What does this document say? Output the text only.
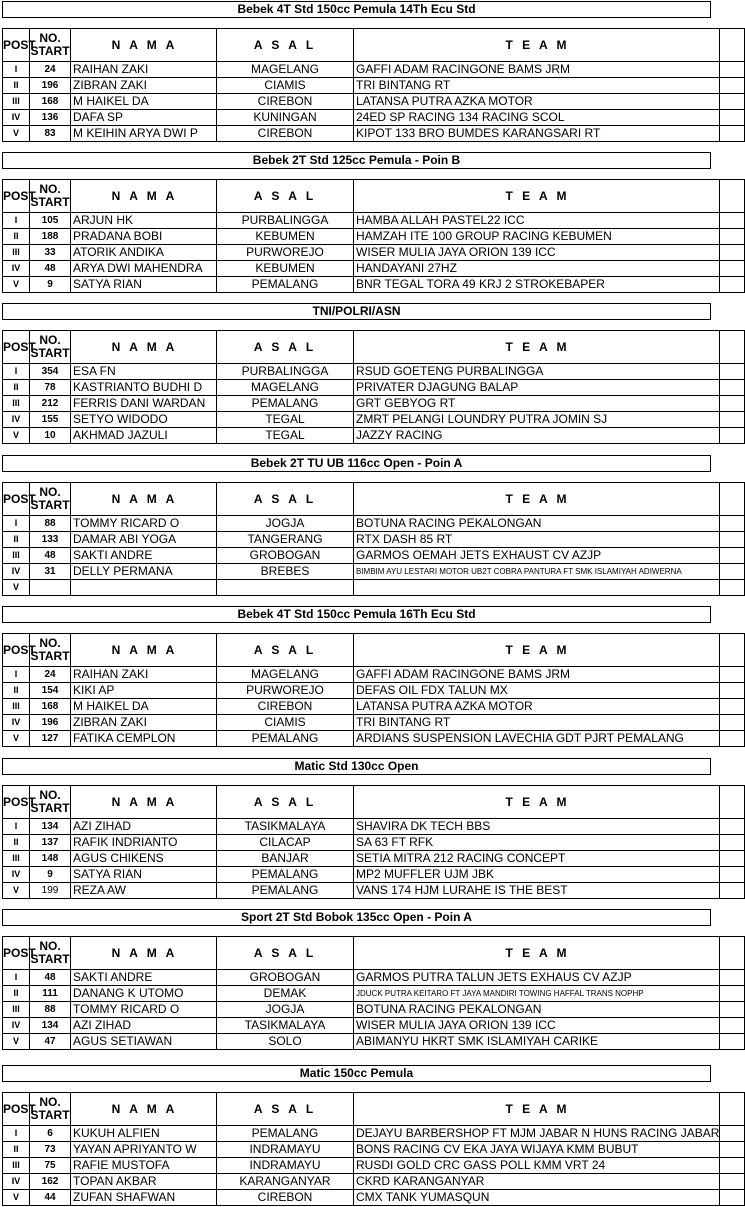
Bebek 4T Std 150cc Pemula 14Th Ecu Std
POST	NO.
START	N A M A	A S A L	T E A M	
I	24	RAIHAN ZAKI	MAGELANG	GAFFI ADAM RACINGONE BAMS JRM	
II	196	ZIBRAN ZAKI	CIAMIS	TRI BINTANG RT	
III	168	M HAIKEL DA	CIREBON	LATANSA PUTRA AZKA MOTOR	
IV	136	DAFA SP	KUNINGAN	24ED SP RACING 134 RACING SCOL	
V	83	M KEIHIN ARYA DWI P	CIREBON	KIPOT 133 BRO BUMDES KARANGSARI RT	
Bebek 2T Std 125cc Pemula - Poin B
POST	NO.
START	N A M A	A S A L	T E A M	
I	105	ARJUN HK	PURBALINGGA	HAMBA ALLAH PASTEL22 ICC	
II	188	PRADANA BOBI	KEBUMEN	HAMZAH ITE 100 GROUP RACING KEBUMEN	
III	33	ATORIK ANDIKA	PURWOREJO	WISER MULIA JAYA ORION 139 ICC	
IV	48	ARYA DWI MAHENDRA	KEBUMEN	HANDAYANI 27HZ	
V	9	SATYA RIAN	PEMALANG	BNR TEGAL TORA 49 KRJ 2 STROKEBAPER	
TNI/POLRI/ASN
POST	NO.
START	N A M A	A S A L	T E A M	
I	354	ESA FN	PURBALINGGA	RSUD GOETENG PURBALINGGA	
II	78	KASTRIANTO BUDHI D	MAGELANG	PRIVATER DJAGUNG BALAP	
III	212	FERRIS DANI WARDAN	PEMALANG	GRT GEBYOG RT	
IV	155	SETYO WIDODO	TEGAL	ZMRT PELANGI LOUNDRY PUTRA JOMIN SJ	
V	10	AKHMAD JAZULI	TEGAL	JAZZY RACING	
Bebek 2T TU UB 116cc Open - Poin A
POST	NO.
START	N A M A	A S A L	T E A M	
I	88	TOMMY RICARD O	JOGJA	BOTUNA RACING PEKALONGAN	
II	133	DAMAR ABI YOGA	TANGERANG	RTX DASH 85 RT	
III	48	SAKTI ANDRE	GROBOGAN	GARMOS OEMAH JETS EXHAUST CV AZJP	
IV	31	DELLY PERMANA	BREBES	BIMBIM AYU LESTARI MOTOR UB2T COBRA PANTURA FT SMK ISLAMIYAH ADIWERNA	
V					
Bebek 4T Std 150cc Pemula 16Th Ecu Std
POST	NO.
START	N A M A	A S A L	T E A M	
I	24	RAIHAN ZAKI	MAGELANG	GAFFI ADAM RACINGONE BAMS JRM	
II	154	KIKI AP	PURWOREJO	DEFAS OIL FDX TALUN MX	
III	168	M HAIKEL DA	CIREBON	LATANSA PUTRA AZKA MOTOR	
IV	196	ZIBRAN ZAKI	CIAMIS	TRI BINTANG RT	
V	127	FATIKA CEMPLON	PEMALANG	ARDIANS SUSPENSION LAVECHIA GDT PJRT PEMALANG	
Matic Std 130cc Open
POST	NO.
START	N A M A	A S A L	T E A M	
I	134	AZI ZIHAD	TASIKMALAYA	SHAVIRA DK TECH BBS	
II	137	RAFIK INDRIANTO	CILACAP	SA 63 FT RFK	
III	148	AGUS CHIKENS	BANJAR	SETIA MITRA 212 RACING CONCEPT	
IV	9	SATYA RIAN	PEMALANG	MP2 MUFFLER UJM JBK	
V	199	REZA AW	PEMALANG	VANS 174 HJM LURAHE IS THE BEST	
Sport 2T Std Bobok 135cc Open - Poin A
POST	NO.
START	N A M A	A S A L	T E A M	
I	48	SAKTI ANDRE	GROBOGAN	GARMOS PUTRA TALUN JETS EXHAUS CV AZJP	
II	111	DANANG K UTOMO	DEMAK	JDUCK PUTRA KEITARO FT JAYA MANDIRI TOWING HAFFAL TRANS NOPHP	
III	88	TOMMY RICARD O	JOGJA	BOTUNA RACING PEKALONGAN	
IV	134	AZI ZIHAD	TASIKMALAYA	WISER MULIA JAYA ORION 139 ICC	
V	47	AGUS SETIAWAN	SOLO	ABIMANYU HKRT SMK ISLAMIYAH CARIKE	
Matic 150cc Pemula
POST	NO.
START	N A M A	A S A L	T E A M	
I	6	KUKUH ALFIEN	PEMALANG	DEJAYU BARBERSHOP FT MJM JABAR N HUNS RACING JABAR	
II	73	YAYAN APRIYANTO W	INDRAMAYU	BONS RACING CV EKA JAYA WIJAYA KMM BUBUT	
III	75	RAFIE MUSTOFA	INDRAMAYU	RUSDI GOLD CRC GASS POLL KMM VRT 24	
IV	162	TOPAN AKBAR	KARANGANYAR	CKRD KARANGANYAR	
V	44	ZUFAN SHAFWAN	CIREBON	CMX TANK YUMASQUN	
